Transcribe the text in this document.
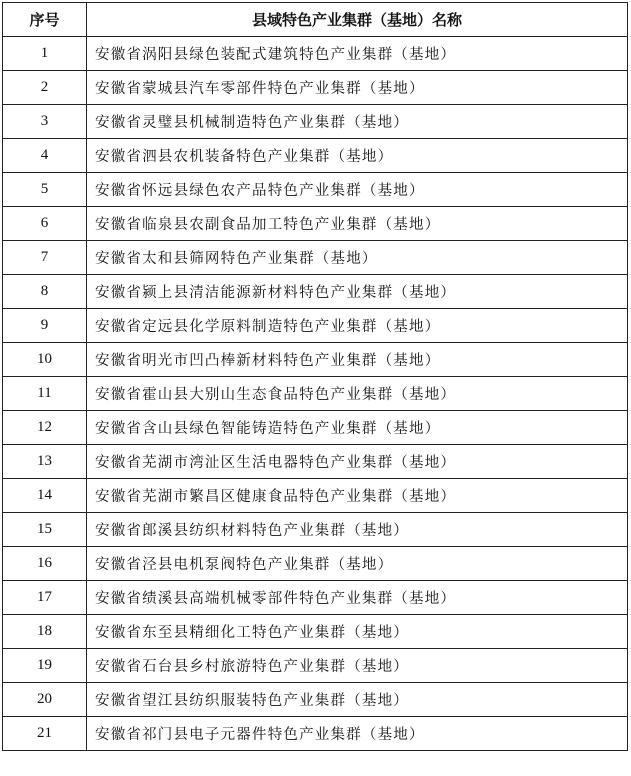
序号	县域特色产业集群（基地）名称
1	安徽省涡阳县绿色装配式建筑特色产业集群（基地）
2	安徽省蒙城县汽车零部件特色产业集群（基地）
3	安徽省灵璧县机械制造特色产业集群（基地）
4	安徽省泗县农机装备特色产业集群（基地）
5	安徽省怀远县绿色农产品特色产业集群（基地）
6	安徽省临泉县农副食品加工特色产业集群（基地）
7	安徽省太和县筛网特色产业集群（基地）
8	安徽省颍上县清洁能源新材料特色产业集群（基地）
9	安徽省定远县化学原料制造特色产业集群（基地）
10	安徽省明光市凹凸棒新材料特色产业集群（基地）
11	安徽省霍山县大别山生态食品特色产业集群（基地）
12	安徽省含山县绿色智能铸造特色产业集群（基地）
13	安徽省芜湖市湾沚区生活电器特色产业集群（基地）
14	安徽省芜湖市繁昌区健康食品特色产业集群（基地）
15	安徽省郎溪县纺织材料特色产业集群（基地）
16	安徽省泾县电机泵阀特色产业集群（基地）
17	安徽省绩溪县高端机械零部件特色产业集群（基地）
18	安徽省东至县精细化工特色产业集群（基地）
19	安徽省石台县乡村旅游特色产业集群（基地）
20	安徽省望江县纺织服装特色产业集群（基地）
21	安徽省祁门县电子元器件特色产业集群（基地）
